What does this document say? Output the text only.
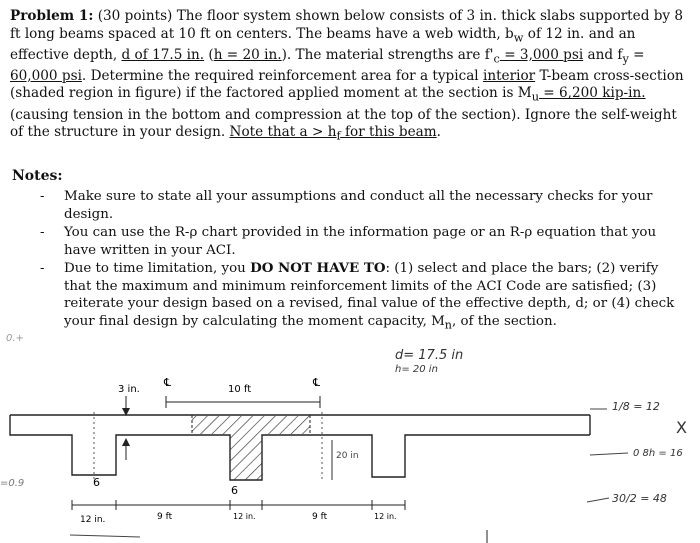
Problem 1: (30 points) The floor system shown below consists of 3 in. thick slabs supported by 8 ft long beams spaced at 10 ft on centers. The beams have a web width, $b_w$ of 12 in. and an effective depth, d of 17.5 in. (h = 20 in.). The material strengths are $f'_c = 3,000$ psi and $f_y = 60,000$ psi. Determine the required reinforcement area for a typical interior T-beam cross-section (shaded region in figure) if the factored applied moment at the section is $M_u = 6,200$ kip-in. (causing tension in the bottom and compression at the top of the section). Ignore the self-weight of the structure in your design. Note that $a > h_f$ for this beam.

Notes:
- Make sure to state all your assumptions and conduct all the necessary checks for your design.
- You can use the R-ρ chart provided in the information page or an R-ρ equation that you have written in your ACI.
- Due to time limitation, you DO NOT HAVE TO: (1) select and place the bars; (2) verify that the maximum and minimum reinforcement limits of the ACI Code are satisfied; (3) reiterate your design based on a revised, final value of the effective depth, d; or (4) check your final design by calculating the moment capacity, $M_n$, of the section.
0.+
=0.9
d= 17.5 in
h= 20 in
1/8 = 12
0 8h = 16
30/2 = 48
X
3 in.
℄	℄
10 ft
6
6
20 in
12 in.	9 ft	12 in.	9 ft	12 in.
